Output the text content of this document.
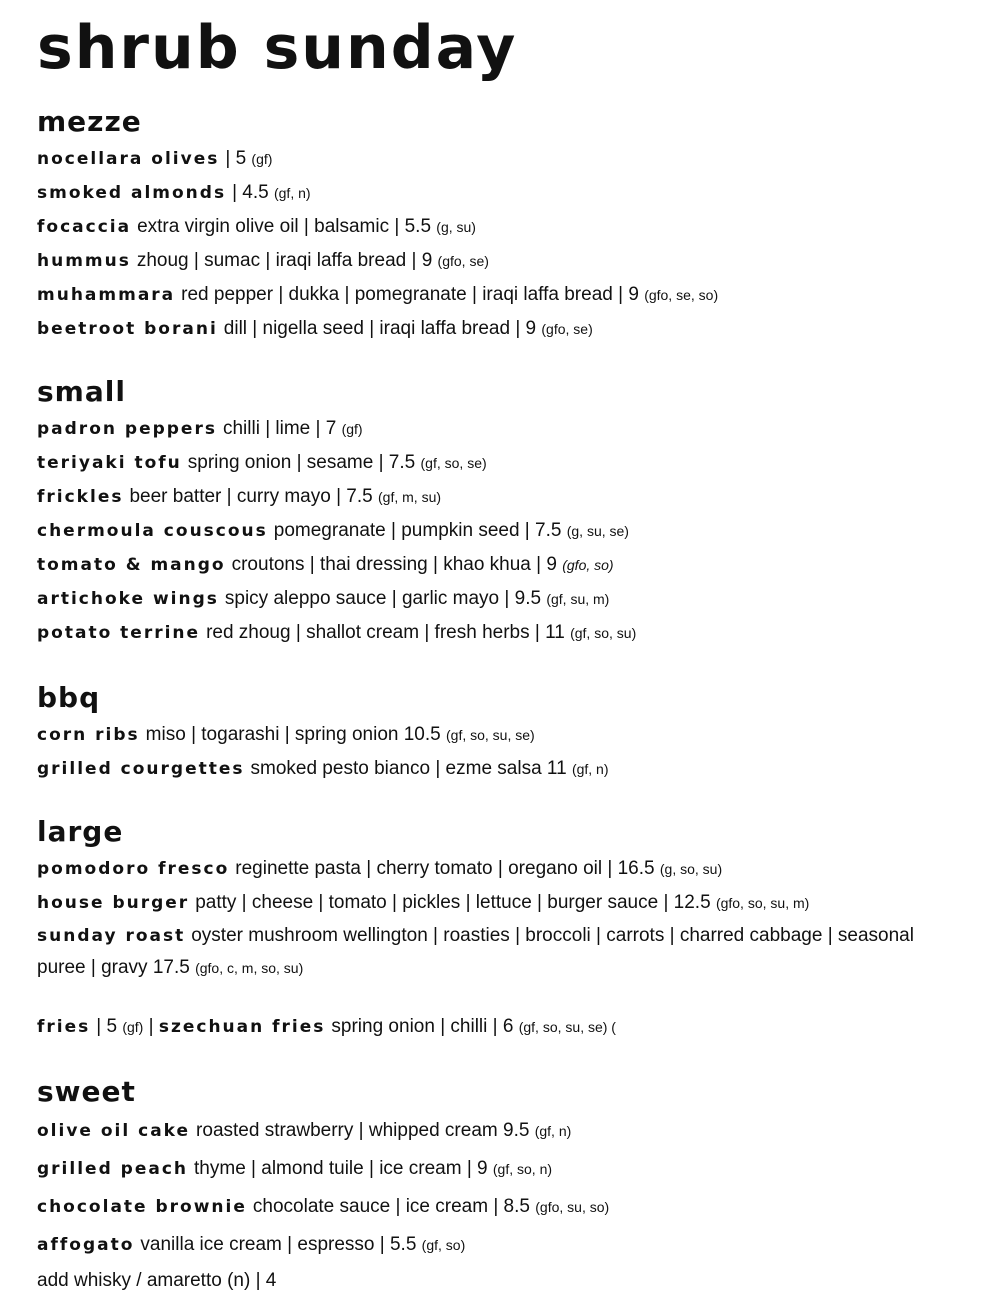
shrub sunday
mezze
nocellara olives | 5 (gf)
smoked almonds | 4.5 (gf, n)
focaccia extra virgin olive oil | balsamic | 5.5 (g, su)
hummus zhoug | sumac | iraqi laffa bread | 9 (gfo, se)
muhammara red pepper | dukka | pomegranate | iraqi laffa bread | 9 (gfo, se, so)
beetroot borani dill | nigella seed | iraqi laffa bread | 9 (gfo, se)
small
padron peppers chilli | lime | 7 (gf)
teriyaki tofu spring onion | sesame | 7.5 (gf, so, se)
frickles beer batter | curry mayo | 7.5 (gf, m, su)
chermoula couscous pomegranate | pumpkin seed | 7.5 (g, su, se)
tomato & mango croutons | thai dressing | khao khua | 9 (gfo, so)
artichoke wings spicy aleppo sauce | garlic mayo | 9.5 (gf, su, m)
potato terrine red zhoug | shallot cream | fresh herbs | 11 (gf, so, su)
bbq
corn ribs miso | togarashi | spring onion 10.5 (gf, so, su, se)
grilled courgettes smoked pesto bianco | ezme salsa 11 (gf, n)
large
pomodoro fresco reginette pasta | cherry tomato | oregano oil | 16.5 (g, so, su)
house burger patty | cheese | tomato | pickles | lettuce | burger sauce | 12.5 (gfo, so, su, m)
sunday roast oyster mushroom wellington | roasties | broccoli | carrots | charred cabbage | seasonal puree | gravy 17.5 (gfo, c, m, so, su)
fries | 5 (gf) | szechuan fries spring onion | chilli | 6 (gf, so, su, se) (
sweet
olive oil cake roasted strawberry | whipped cream 9.5 (gf, n)
grilled peach thyme | almond tuile | ice cream | 9 (gf, so, n)
chocolate brownie chocolate sauce | ice cream | 8.5 (gfo, su, so)
affogato vanilla ice cream | espresso | 5.5 (gf, so)
add whisky / amaretto (n) | 4
